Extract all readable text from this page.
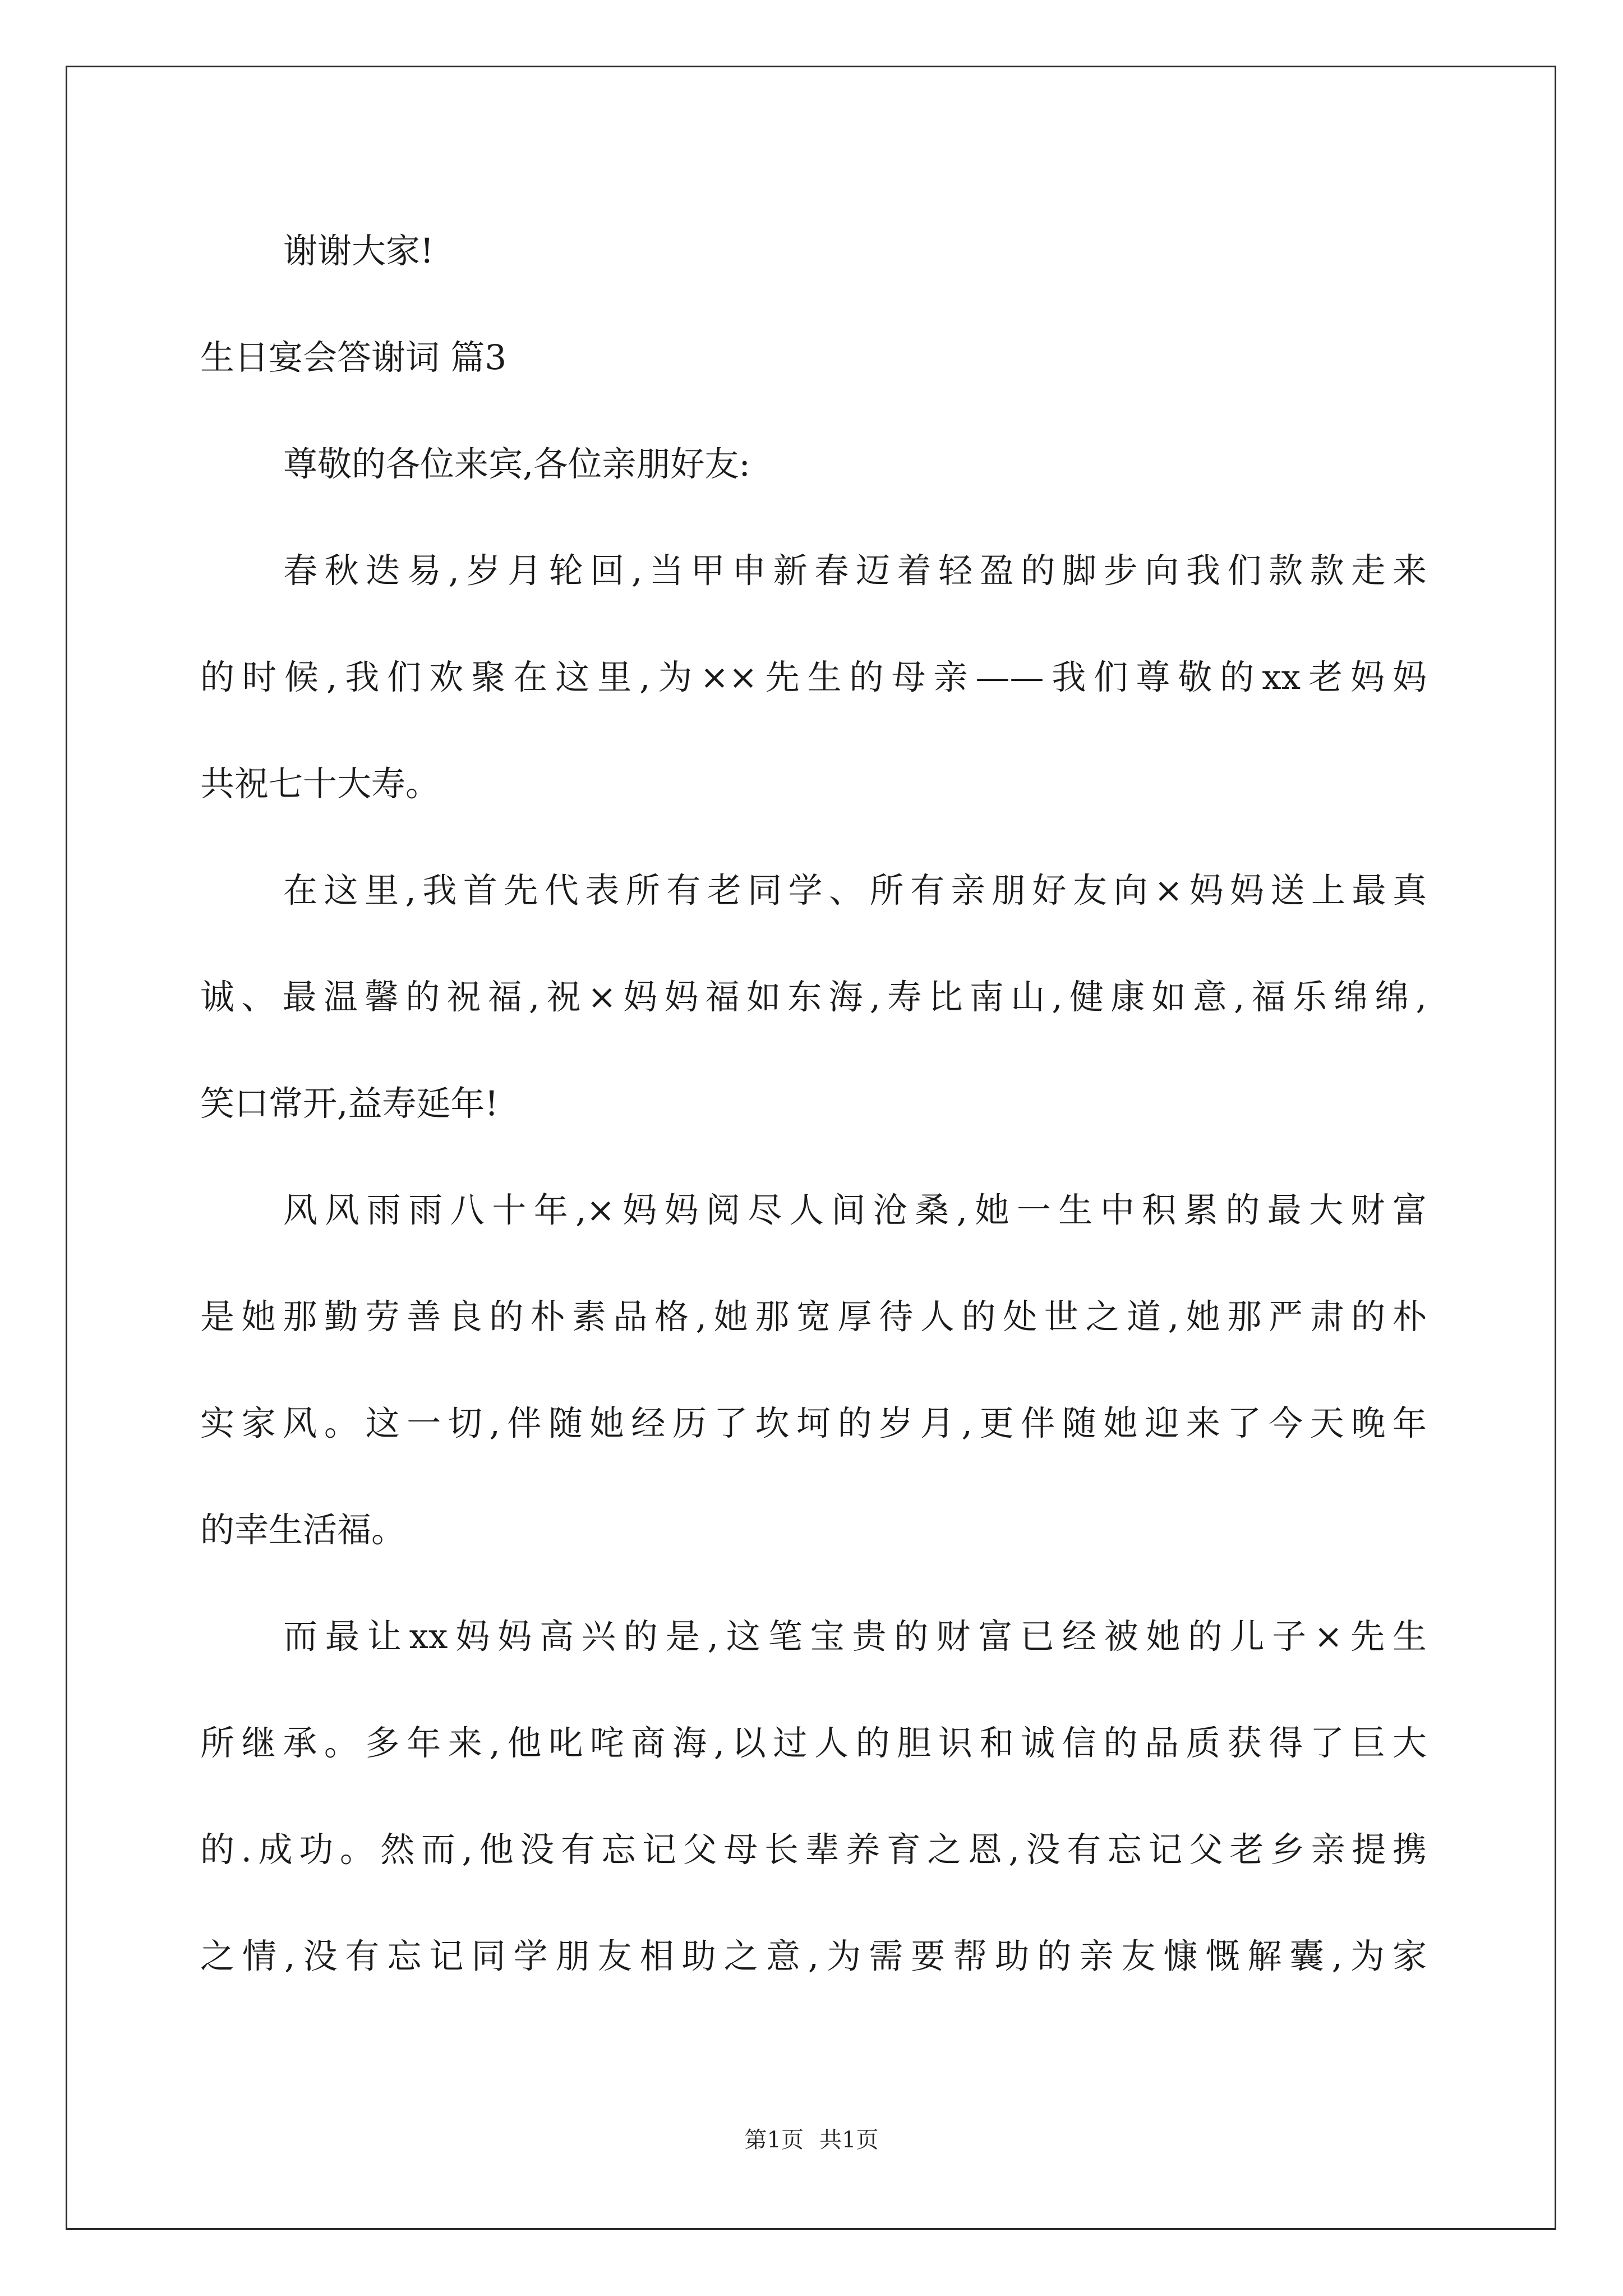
谢谢大家!
生日宴会答谢词 篇3
尊敬的各位来宾,各位亲朋好友:
春秋迭易,岁月轮回,当甲申新春迈着轻盈的脚步向我们款款走来
的时候,我们欢聚在这里,为××先生的母亲——我们尊敬的xx老妈妈
共祝七十大寿。
在这里,我首先代表所有老同学、所有亲朋好友向×妈妈送上最真
诚、最温馨的祝福,祝×妈妈福如东海,寿比南山,健康如意,福乐绵绵,
笑口常开,益寿延年!
风风雨雨八十年,×妈妈阅尽人间沧桑,她一生中积累的最大财富
是她那勤劳善良的朴素品格,她那宽厚待人的处世之道,她那严肃的朴
实家风。这一切,伴随她经历了坎坷的岁月,更伴随她迎来了今天晚年
的幸生活福。
而最让xx妈妈高兴的是,这笔宝贵的财富已经被她的儿子×先生
所继承。多年来,他叱咤商海,以过人的胆识和诚信的品质获得了巨大
的.成功。然而,他没有忘记父母长辈养育之恩,没有忘记父老乡亲提携
之情,没有忘记同学朋友相助之意,为需要帮助的亲友慷慨解囊,为家
第1页 共1页
